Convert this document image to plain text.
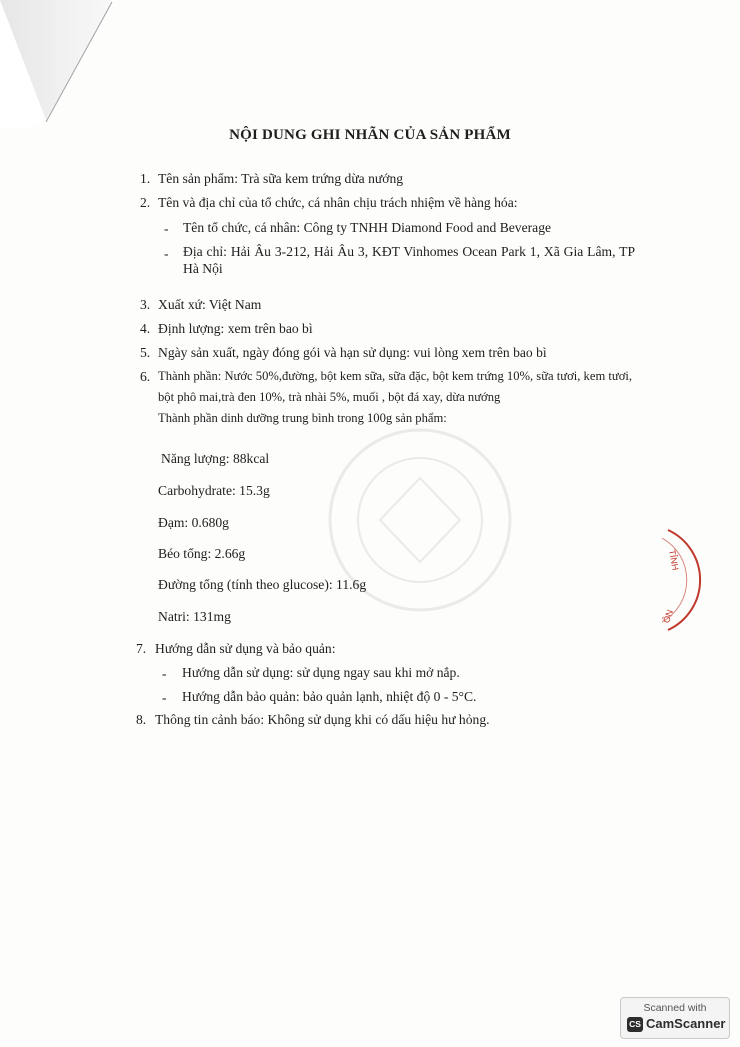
TỈNH
ÔN
NỘI DUNG GHI NHÃN CỦA SẢN PHẨM
1. Tên sản phẩm: Trà sữa kem trứng dừa nướng
2. Tên và địa chỉ của tổ chức, cá nhân chịu trách nhiệm về hàng hóa:
- Tên tổ chức, cá nhân: Công ty TNHH Diamond Food and Beverage
- Địa chỉ: Hải Âu 3-212, Hải Âu 3, KĐT Vinhomes Ocean Park 1, Xã Gia Lâm, TP
Hà Nội
3. Xuất xứ: Việt Nam
4. Định lượng: xem trên bao bì
5. Ngày sản xuất, ngày đóng gói và hạn sử dụng: vui lòng xem trên bao bì
6. Thành phần: Nước 50%,đường, bột kem sữa, sữa đặc, bột kem trứng 10%, sữa tươi, kem tươi,
bột phô mai,trà đen 10%, trà nhài 5%, muối , bột đá xay, dừa nướng
Thành phần dinh dưỡng trung bình trong 100g sản phẩm:
Năng lượng: 88kcal
Carbohydrate: 15.3g
Đạm: 0.680g
Béo tổng: 2.66g
Đường tổng (tính theo glucose): 11.6g
Natri: 131mg
7. Hướng dẫn sử dụng và bảo quản:
- Hướng dẫn sử dụng: sử dụng ngay sau khi mở nắp.
- Hướng dẫn bảo quản: bảo quản lạnh, nhiệt độ 0 - 5°C.
8. Thông tin cảnh báo: Không sử dụng khi có dấu hiệu hư hỏng.
Scanned with
CS CamScanner
